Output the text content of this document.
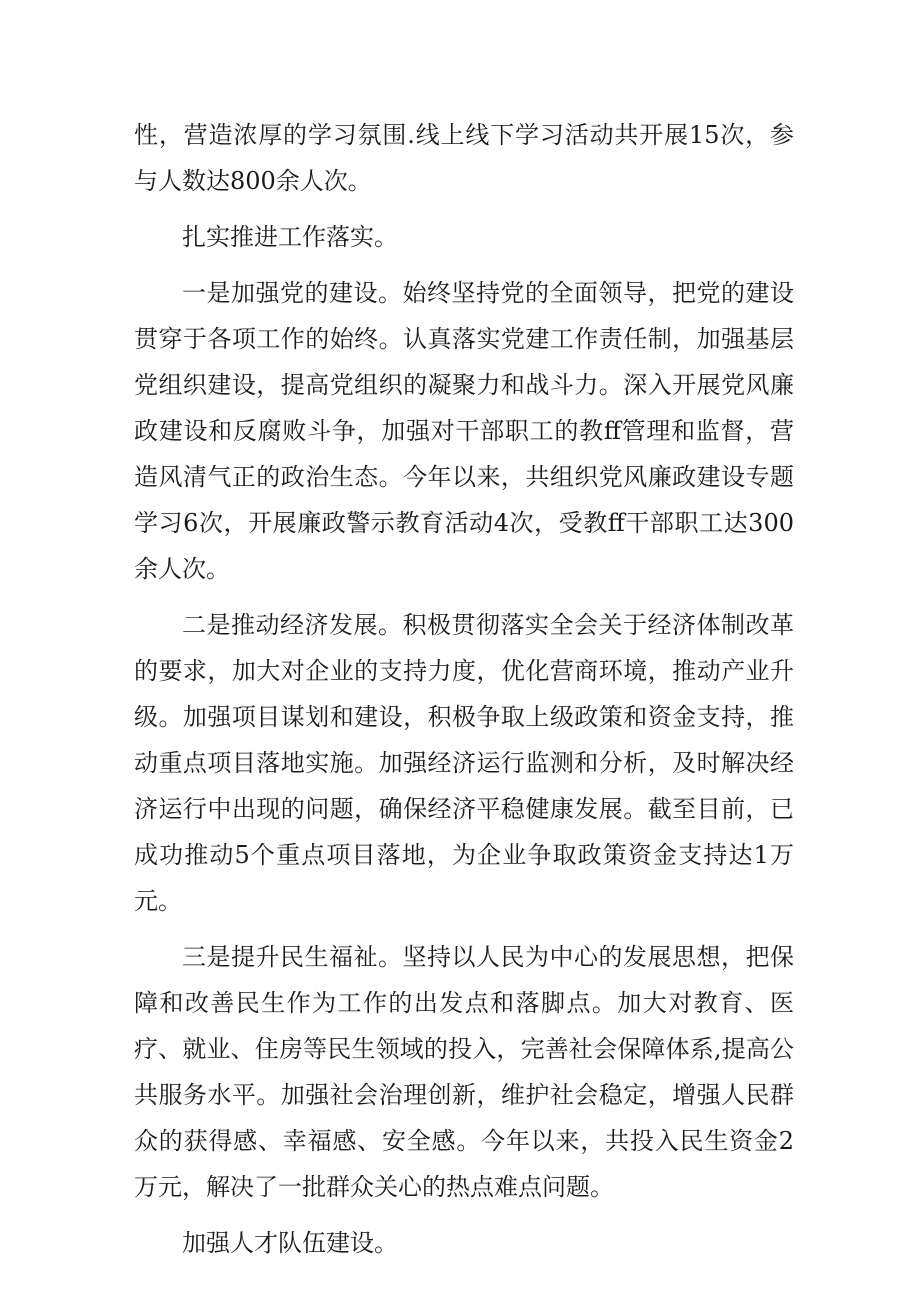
性，营造浓厚的学习氛围.线上线下学习活动共开展15次，参与人数达800余人次。

扎实推进工作落实。

一是加强党的建设。始终坚持党的全面领导，把党的建设贯穿于各项工作的始终。认真落实党建工作责任制，加强基层党组织建设，提高党组织的凝聚力和战斗力。深入开展党风廉政建设和反腐败斗争，加强对干部职工的教ff管理和监督，营造风清气正的政治生态。今年以来，共组织党风廉政建设专题学习6次，开展廉政警示教育活动4次，受教ff干部职工达300余人次。

二是推动经济发展。积极贯彻落实全会关于经济体制改革的要求，加大对企业的支持力度，优化营商环境，推动产业升级。加强项目谋划和建设，积极争取上级政策和资金支持，推动重点项目落地实施。加强经济运行监测和分析，及时解决经济运行中出现的问题，确保经济平稳健康发展。截至目前，已成功推动5个重点项目落地，为企业争取政策资金支持达1万元。

三是提升民生福祉。坚持以人民为中心的发展思想，把保障和改善民生作为工作的出发点和落脚点。加大对教育、医疗、就业、住房等民生领域的投入，完善社会保障体系,提高公共服务水平。加强社会治理创新，维护社会稳定，增强人民群众的获得感、幸福感、安全感。今年以来，共投入民生资金2万元，解决了一批群众关心的热点难点问题。

加强人才队伍建设。
